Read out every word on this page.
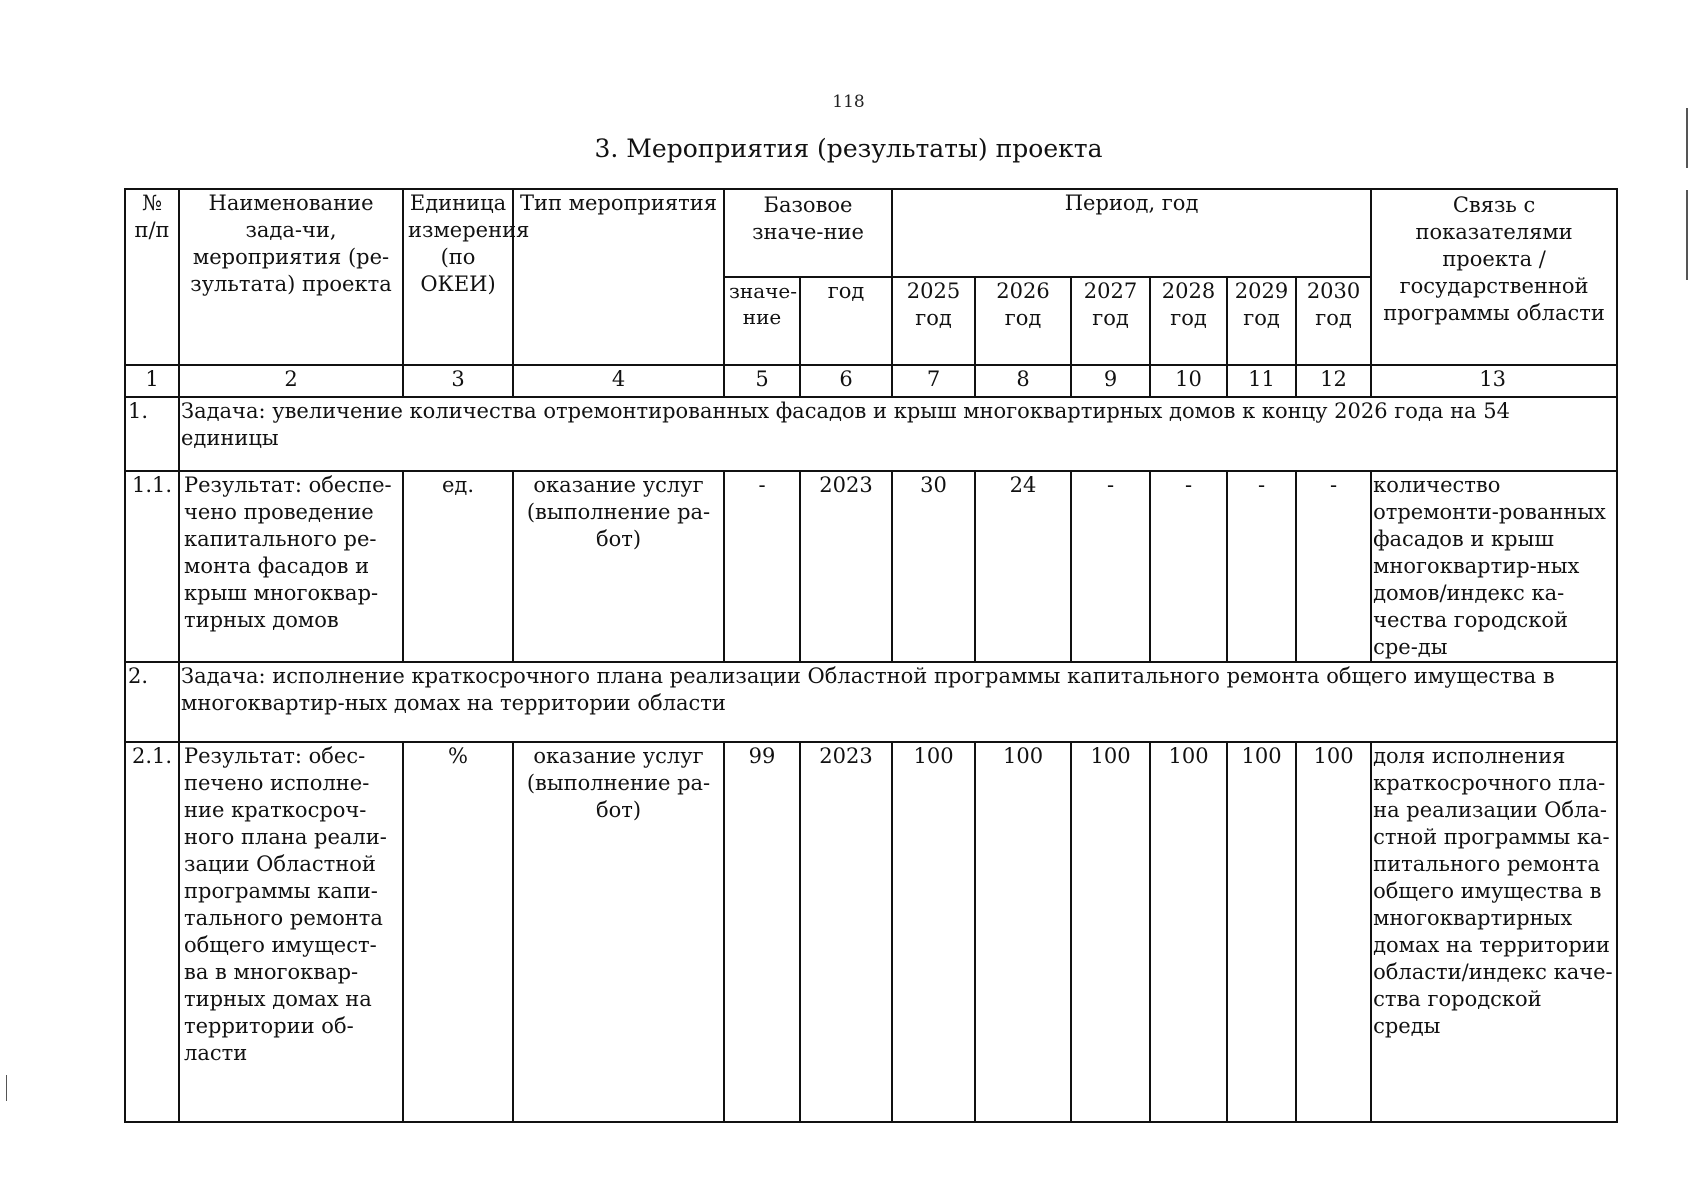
118
3. Мероприятия (результаты) проекта
№ п/п	Наименование зада-чи, мероприятия (ре-зультата) проекта	Единица измерения (по ОКЕИ)	Тип мероприятия	Базовое значе-ние		Период, год						Связь с показателями проекта / государственной программы области
				значе-ние	год	2025 год	2026 год	2027 год	2028 год	2029 год	2030 год	
1	2	3	4	5	6	7	8	9	10	11	12	13
1.	Задача: увеличение количества отремонтированных фасадов и крыш многоквартирных домов к концу 2026 года на 54 единицы											
1.1.	Результат: обеспе-чено проведение капитального ре-монта фасадов и крыш многоквар-тирных домов	ед.	оказание услуг (выполнение ра-бот)	-	2023	30	24	-	-	-	-	количество отремонти-рованных фасадов и крыш многоквартир-ных домов/индекс ка-чества городской сре-ды
2.	Задача: исполнение краткосрочного плана реализации Областной программы капитального ремонта общего имущества в многоквартир-ных домах на территории области											
2.1.	Результат: обес-печено исполне-ние краткосроч-ного плана реали-зации Областной программы капи-тального ремонта общего имущест-ва в многоквар-тирных домах на территории об-ласти	%	оказание услуг (выполнение ра-бот)	99	2023	100	100	100	100	100	100	доля исполнения краткосрочного пла-на реализации Обла-стной программы ка-питального ремонта общего имущества в многоквартирных домах на территории области/индекс каче-ства городской среды
